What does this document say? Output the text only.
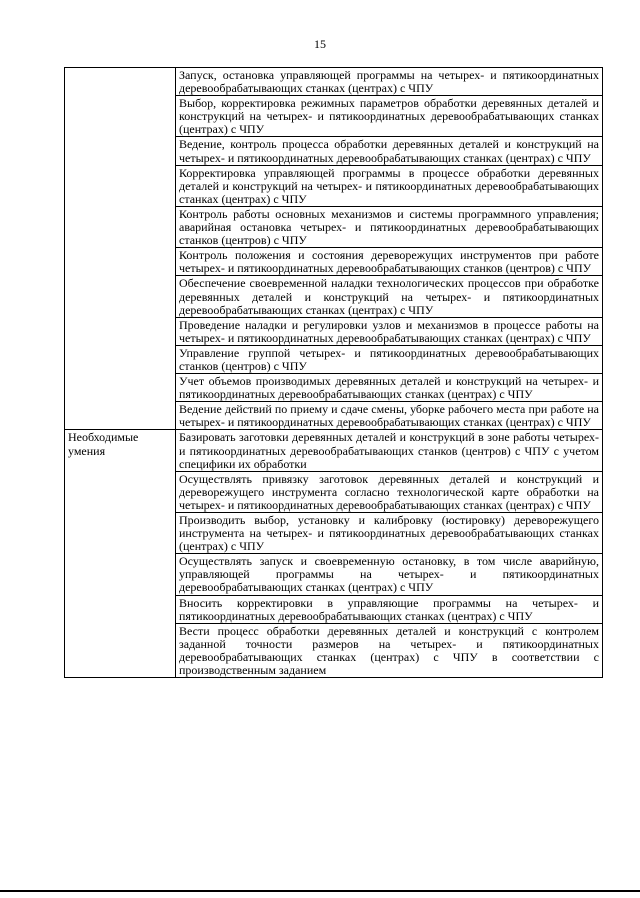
15
	Запуск, остановка управляющей программы на четырех- и пятикоординатных деревообрабатывающих станках (центрах) с ЧПУ
	Выбор, корректировка режимных параметров обработки деревянных деталей и конструкций на четырех- и пятикоординатных деревообрабатывающих станках (центрах) с ЧПУ
	Ведение, контроль процесса обработки деревянных деталей и конструкций на четырех- и пятикоординатных деревообрабатывающих станках (центрах) с ЧПУ
	Корректировка управляющей программы в процессе обработки деревянных деталей и конструкций на четырех- и пятикоординатных деревообрабатывающих станках (центрах) с ЧПУ
	Контроль работы основных механизмов и системы программного управления; аварийная остановка четырех- и пятикоординатных деревообрабатывающих станков (центров) с ЧПУ
	Контроль положения и состояния дереворежущих инструментов при работе четырех- и пятикоординатных деревообрабатывающих станков (центров) с ЧПУ
	Обеспечение своевременной наладки технологических процессов при обработке деревянных деталей и конструкций на четырех- и пятикоординатных деревообрабатывающих станках (центрах) с ЧПУ
	Проведение наладки и регулировки узлов и механизмов в процессе работы на четырех- и пятикоординатных деревообрабатывающих станках (центрах) с ЧПУ
	Управление группой четырех- и пятикоординатных деревообрабатывающих станков (центров) с ЧПУ
	Учет объемов производимых деревянных деталей и конструкций на четырех- и пятикоординатных деревообрабатывающих станках (центрах) с ЧПУ
	Ведение действий по приему и сдаче смены, уборке рабочего места при работе на четырех- и пятикоординатных деревообрабатывающих станках (центрах) с ЧПУ
Необходимые умения	Базировать заготовки деревянных деталей и конструкций в зоне работы четырех- и пятикоординатных деревообрабатывающих станков (центров) с ЧПУ с учетом специфики их обработки
	Осуществлять привязку заготовок деревянных деталей и конструкций и дереворежущего инструмента согласно технологической карте обработки на четырех- и пятикоординатных деревообрабатывающих станках (центрах) с ЧПУ
	Производить выбор, установку и калибровку (юстировку) дереворежущего инструмента на четырех- и пятикоординатных деревообрабатывающих станках (центрах) с ЧПУ
	Осуществлять запуск и своевременную остановку, в том числе аварийную, управляющей программы на четырех- и пятикоординатных деревообрабатывающих станках (центрах) с ЧПУ
	Вносить корректировки в управляющие программы на четырех- и пятикоординатных деревообрабатывающих станках (центрах) с ЧПУ
	Вести процесс обработки деревянных деталей и конструкций с контролем заданной точности размеров на четырех- и пятикоординатных деревообрабатывающих станках (центрах) с ЧПУ в соответствии с производственным заданием
